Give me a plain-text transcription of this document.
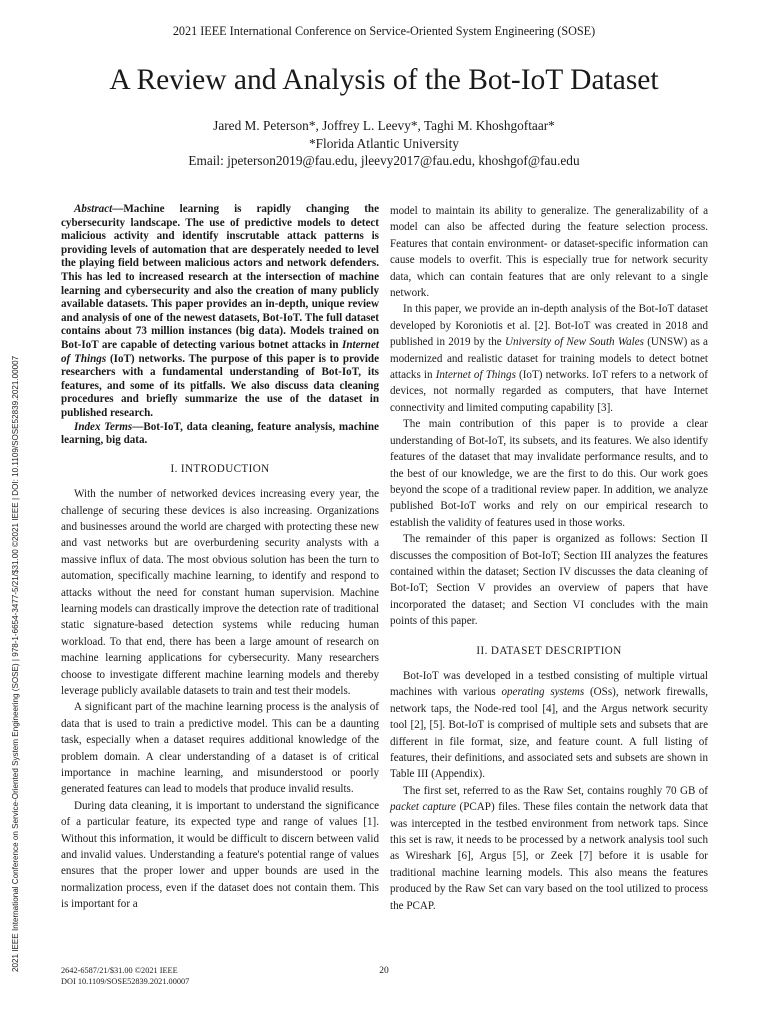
2021 IEEE International Conference on Service-Oriented System Engineering (SOSE)
A Review and Analysis of the Bot-IoT Dataset
Jared M. Peterson*, Joffrey L. Leevy*, Taghi M. Khoshgoftaar*
*Florida Atlantic University
Email: jpeterson2019@fau.edu, jleevy2017@fau.edu, khoshgof@fau.edu
2021 IEEE International Conference on Service-Oriented System Engineering (SOSE) | 978-1-6654-3477-5/21/$31.00 ©2021 IEEE | DOI: 10.1109/SOSE52839.2021.00007

Abstract—Machine learning is rapidly changing the cybersecurity landscape. The use of predictive models to detect malicious activity and identify inscrutable attack patterns is providing levels of automation that are desperately needed to level the playing field between malicious actors and network defenders. This has led to increased research at the intersection of machine learning and cybersecurity and also the creation of many publicly available datasets. This paper provides an in-depth, unique review and analysis of one of the newest datasets, Bot-IoT. The full dataset contains about 73 million instances (big data). Models trained on Bot-IoT are capable of detecting various botnet attacks in Internet of Things (IoT) networks. The purpose of this paper is to provide researchers with a fundamental understanding of Bot-IoT, its features, and some of its pitfalls. We also discuss data cleaning procedures and briefly summarize the use of the dataset in published research.

Index Terms—Bot-IoT, data cleaning, feature analysis, machine learning, big data.

I. INTRODUCTION

With the number of networked devices increasing every year, the challenge of securing these devices is also increasing. Organizations and businesses around the world are charged with protecting these new and vast networks but are overburdening security analysts with a massive influx of data. The most obvious solution has been the turn to automation, specifically machine learning, to identify and respond to attacks without the need for constant human supervision. Machine learning models can drastically improve the detection rate of traditional static signature-based detection systems while reducing human workload. To that end, there has been a large amount of research on machine learning applications for cybersecurity. Many researchers choose to investigate different machine learning models and thereby leverage publicly available datasets to train and test their models.

A significant part of the machine learning process is the analysis of data that is used to train a predictive model. This can be a daunting task, especially when a dataset requires additional knowledge of the problem domain. A clear understanding of a dataset is of critical importance in machine learning, and misunderstood or poorly generated features can lead to models that produce invalid results.

During data cleaning, it is important to understand the significance of a particular feature, its expected type and range of values [1]. Without this information, it would be difficult to discern between valid and invalid values. Understanding a feature's potential range of values ensures that the proper lower and upper bounds are used in the normalization process, even if the dataset does not contain them. This is important for a

model to maintain its ability to generalize. The generalizability of a model can also be affected during the feature selection process. Features that contain environment- or dataset-specific information can cause models to overfit. This is especially true for network security data, which can contain features that are only relevant to a single network.

In this paper, we provide an in-depth analysis of the Bot-IoT dataset developed by Koroniotis et al. [2]. Bot-IoT was created in 2018 and published in 2019 by the University of New South Wales (UNSW) as a modernized and realistic dataset for training models to detect botnet attacks in Internet of Things (IoT) networks. IoT refers to a network of devices, not normally regarded as computers, that have Internet connectivity and limited computing capability [3].

The main contribution of this paper is to provide a clear understanding of Bot-IoT, its subsets, and its features. We also identify features of the dataset that may invalidate performance results, and to the best of our knowledge, we are the first to do this. Our work goes beyond the scope of a traditional review paper. In addition, we analyze published Bot-IoT works and rely on our empirical research to establish the validity of features used in those works.

The remainder of this paper is organized as follows: Section II discusses the composition of Bot-IoT; Section III analyzes the features contained within the dataset; Section IV discusses the data cleaning of Bot-IoT; Section V provides an overview of papers that have incorporated the dataset; and Section VI concludes with the main points of this paper.

II. DATASET DESCRIPTION

Bot-IoT was developed in a testbed consisting of multiple virtual machines with various operating systems (OSs), network firewalls, network taps, the Node-red tool [4], and the Argus network security tool [2], [5]. Bot-IoT is comprised of multiple sets and subsets that are different in file format, size, and feature count. A full listing of features, their definitions, and associated sets and subsets are shown in Table III (Appendix).

The first set, referred to as the Raw Set, contains roughly 70 GB of packet capture (PCAP) files. These files contain the network data that was intercepted in the testbed environment from network taps. Since this set is raw, it needs to be processed by a network analysis tool such as Wireshark [6], Argus [5], or Zeek [7] before it is usable for traditional machine learning models. This also means the features produced by the Raw Set can vary based on the tool utilized to process the PCAP.

2642-6587/21/$31.00 ©2021 IEEE
DOI 10.1109/SOSE52839.2021.00007
20
